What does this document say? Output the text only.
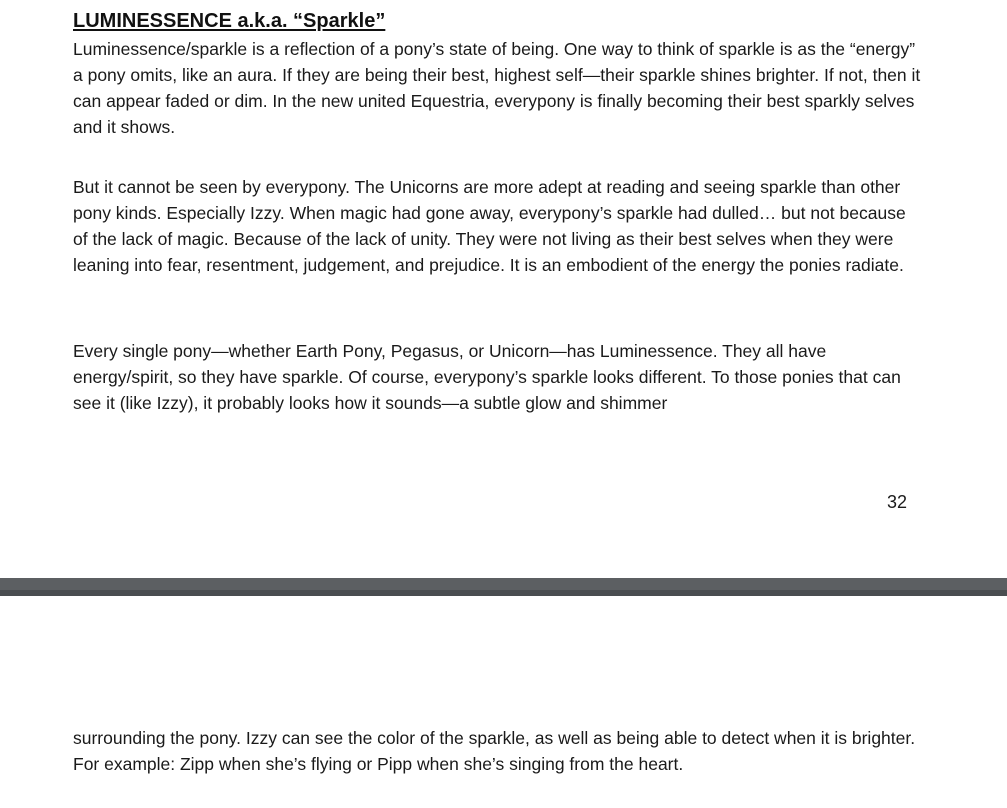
LUMINESSENCE a.k.a. “Sparkle”

Luminessence/sparkle is a reflection of a pony’s state of being. One way to think of sparkle is as the “energy” a pony omits, like an aura. If they are being their best, highest self—their sparkle shines brighter. If not, then it can appear faded or dim. In the new united Equestria, everypony is finally becoming their best sparkly selves and it shows.

But it cannot be seen by everypony. The Unicorns are more adept at reading and seeing sparkle than other pony kinds. Especially Izzy. When magic had gone away, everypony’s sparkle had dulled… but not because of the lack of magic. Because of the lack of unity. They were not living as their best selves when they were leaning into fear, resentment, judgement, and prejudice. It is an embodient of the energy the ponies radiate.

Every single pony—whether Earth Pony, Pegasus, or Unicorn—has Luminessence. They all have energy/spirit, so they have sparkle. Of course, everypony’s sparkle looks different. To those ponies that can see it (like Izzy), it probably looks how it sounds—a subtle glow and shimmer

32

surrounding the pony. Izzy can see the color of the sparkle, as well as being able to detect when it is brighter. For example: Zipp when she’s flying or Pipp when she’s singing from the heart.
